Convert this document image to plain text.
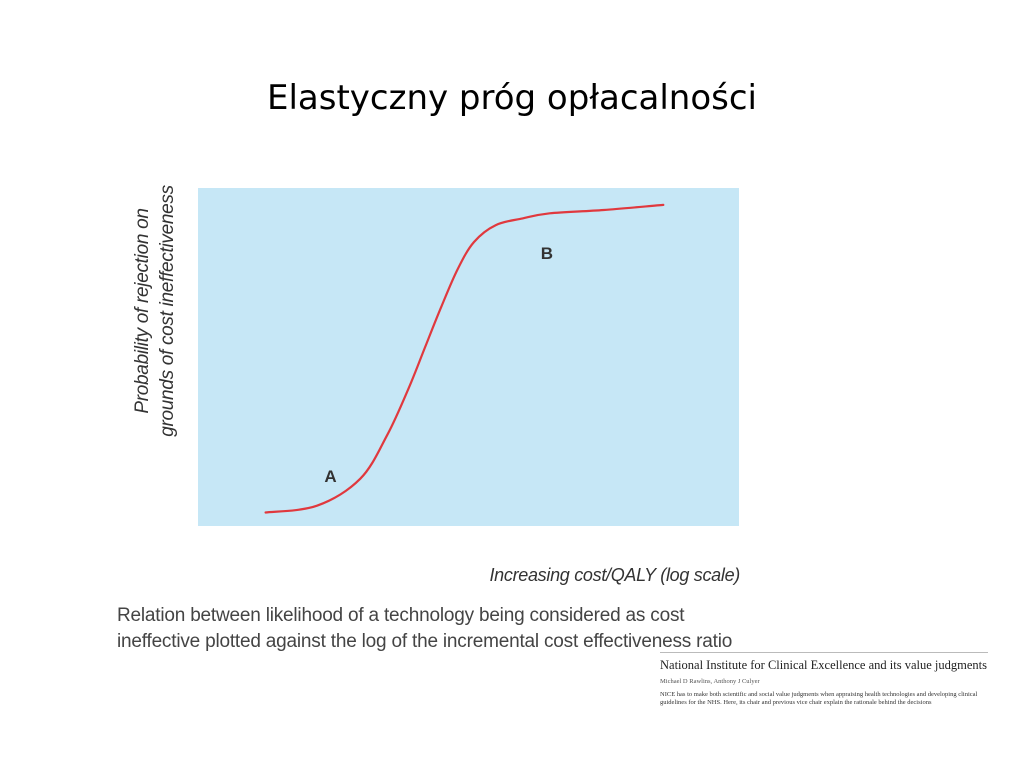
Elastyczny próg opłacalności
A
B
Probability of rejection on grounds of cost ineffectiveness
Increasing cost/QALY (log scale)
Relation between likelihood of a technology being considered as cost ineffective plotted against the log of the incremental cost effectiveness ratio
National Institute for Clinical Excellence and its value judgments
Michael D Rawlins, Anthony J Culyer
NICE has to make both scientific and social value judgments when appraising health technologies and developing clinical guidelines for the NHS. Here, its chair and previous vice chair explain the rationale behind the decisions
